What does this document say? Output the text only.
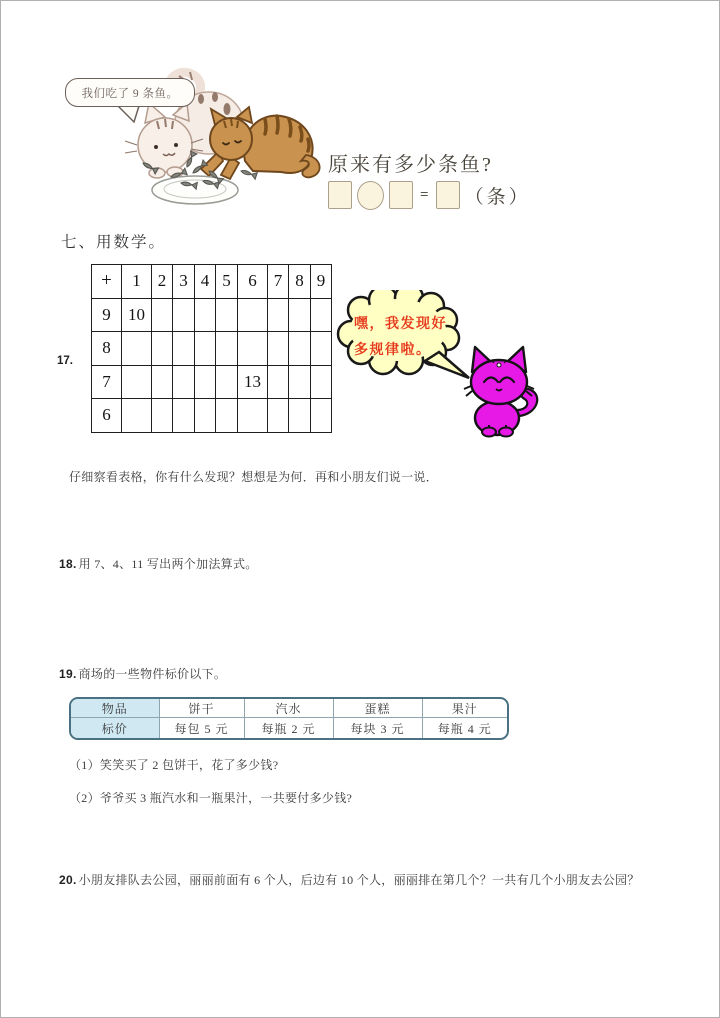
我们吃了 9 条鱼。
原来有多少条鱼?
= （条）
七、用数学。
17.
+	1	2	3	4	5	6	7	8	9
9	10								
8									
7						13			
6									
嘿，我发现好
多规律啦。
仔细察看表格，你有什么发现？想想是为何．再和小朋友们说一说．
18. 用 7、4、11 写出两个加法算式。
19. 商场的一些物件标价以下。
物品	饼干	汽水	蛋糕	果汁
标价	每包 5 元	每瓶 2 元	每块 3 元	每瓶 4 元
（1）笑笑买了 2 包饼干，花了多少钱?
（2）爷爷买 3 瓶汽水和一瓶果汁，一共要付多少钱?
20. 小朋友排队去公园，丽丽前面有 6 个人，后边有 10 个人，丽丽排在第几个？一共有几个小朋友去公园？
